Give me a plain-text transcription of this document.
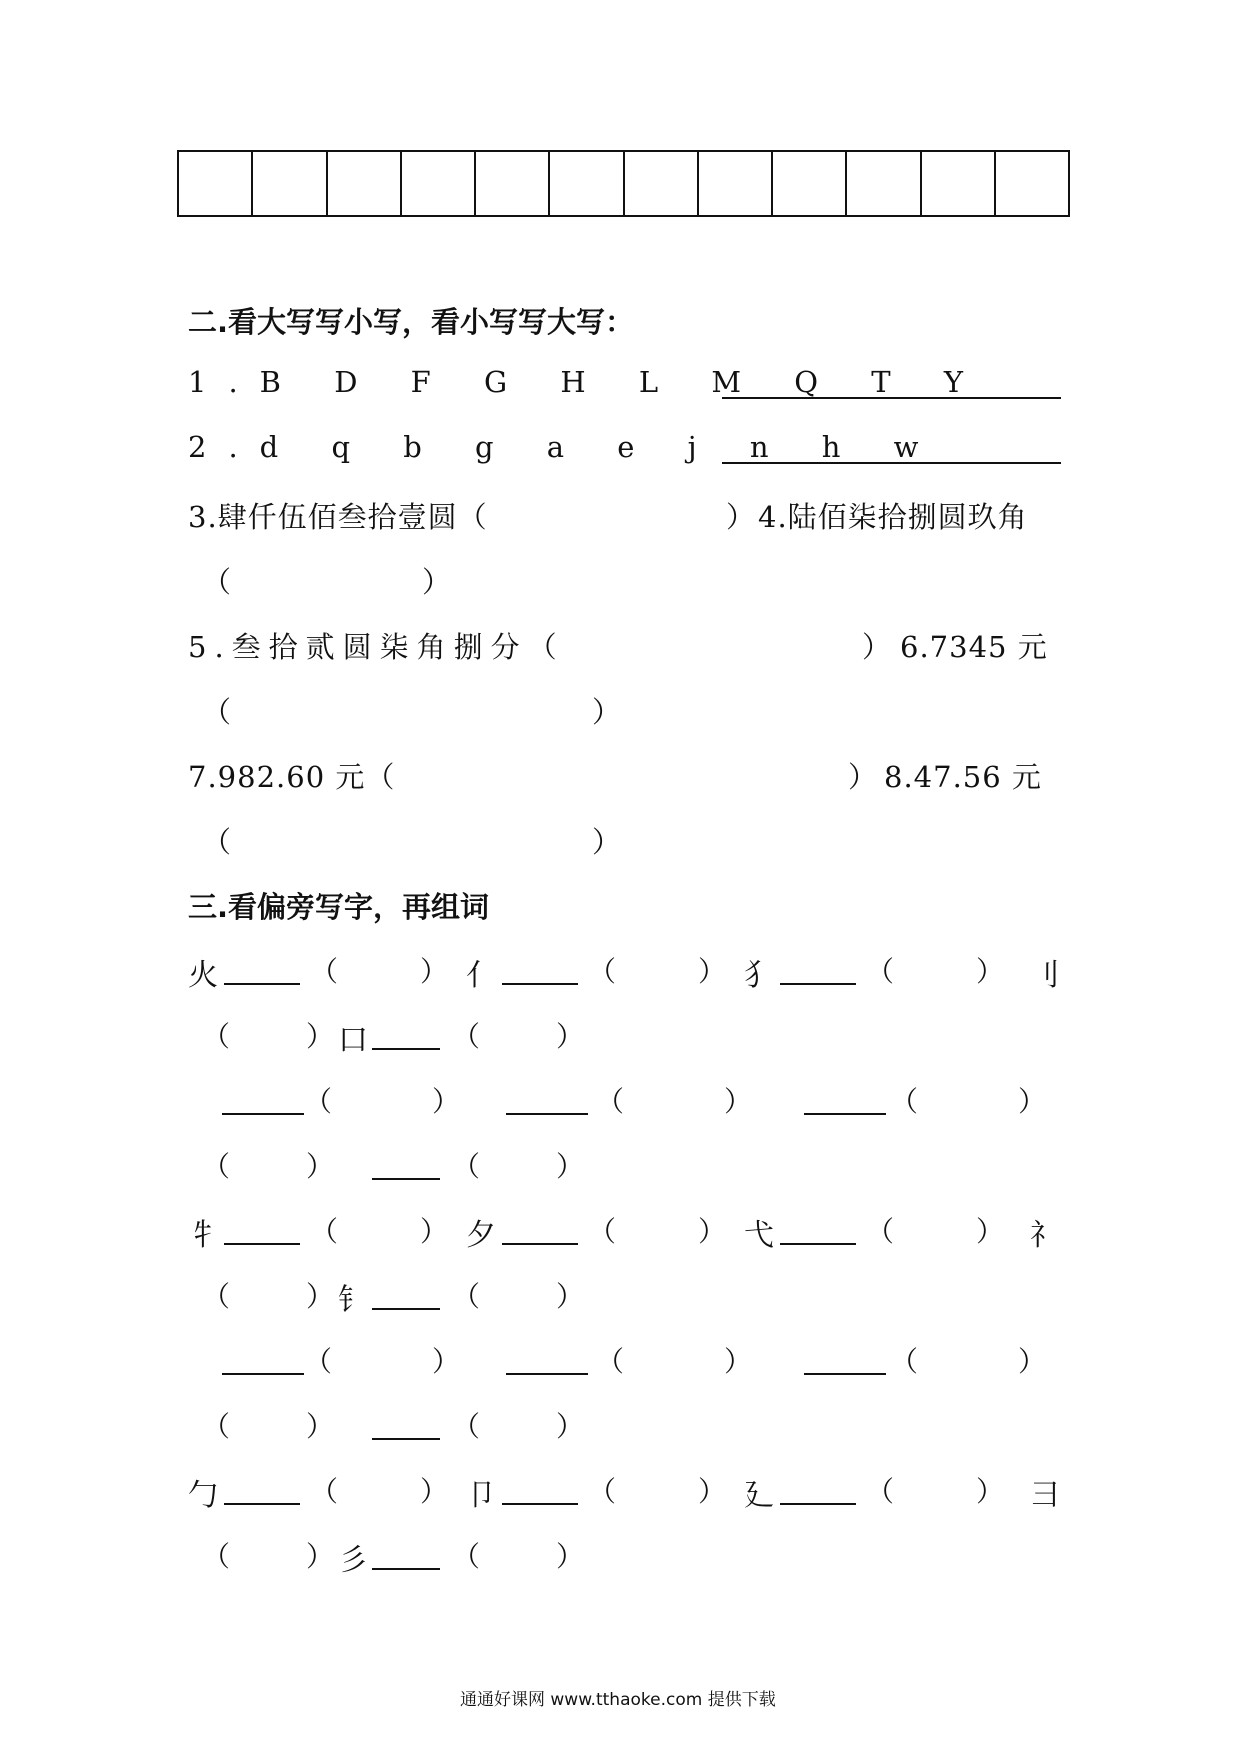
二.看大写写小写，看小写写大写：
1.B D F G H L M Q T Y
2.d q b g a e j n h w
3.肆仟伍佰叁拾壹圆（	） 4.陆佰柒拾捌圆玖角
（	）
5.叁拾贰圆柒角捌分（	） 6.7345 元
（	）
7.982.60 元（	） 8.47.56 元
（	）
三.看偏旁写字，再组词
火	（	） 亻	（	） 犭	（	） 刂
（	） 口	（	）
（	）	（	）	（	）
（	）	（	）
牜	（	） 夕	（	） 弋	（	） 礻
（	） 钅	（	）
（	）	（	）	（	）
（	）	（	）
勹	（	） 卩	（	） 廴	（	） 彐
（	） 彡	（	）
通通好课网 www.tthaoke.com 提供下载
